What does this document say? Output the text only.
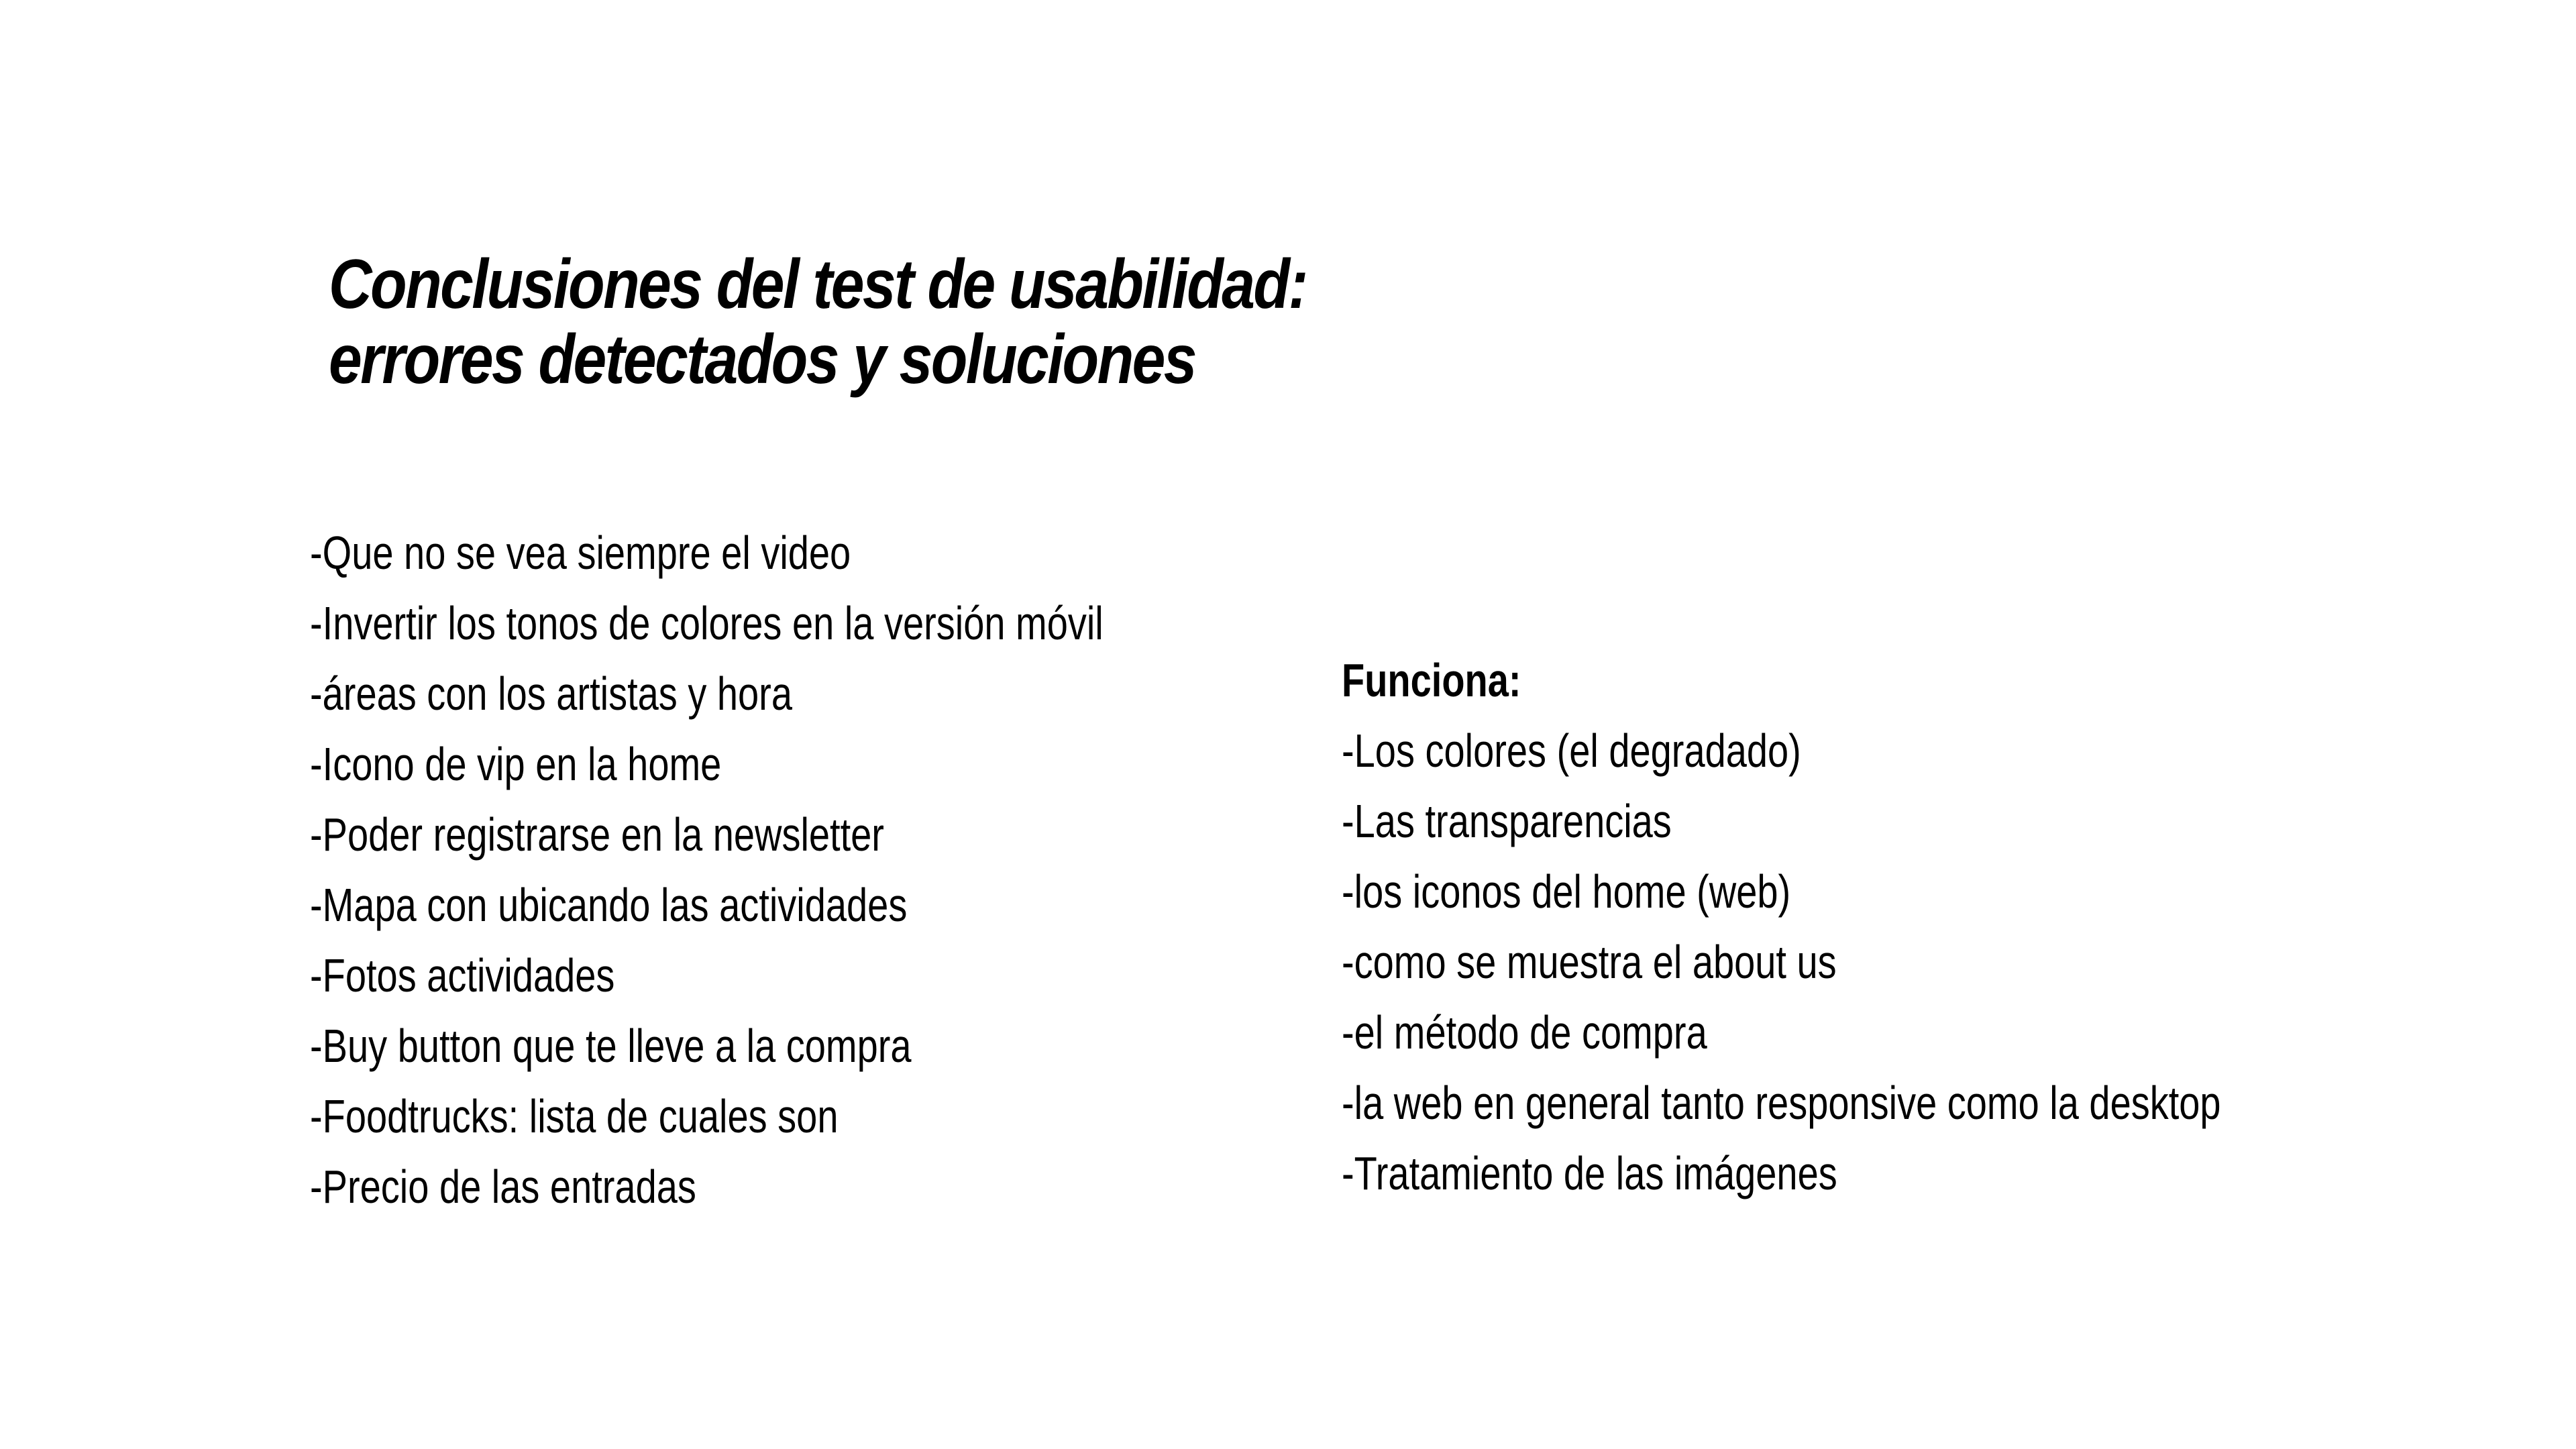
Conclusiones del test de usabilidad:
errores detectados y soluciones
-Que no se vea siempre el video
-Invertir los tonos de colores en la versión móvil
-áreas con los artistas y hora
-Icono de vip en la home
-Poder registrarse en la newsletter
-Mapa con ubicando las actividades
-Fotos actividades
-Buy button que te lleve a la compra
-Foodtrucks: lista de cuales son
-Precio de las entradas
Funciona:
-Los colores (el degradado)
-Las transparencias
-los iconos del home (web)
-como se muestra el about us
-el método de compra
-la web en general tanto responsive como la desktop
-Tratamiento de las imágenes
